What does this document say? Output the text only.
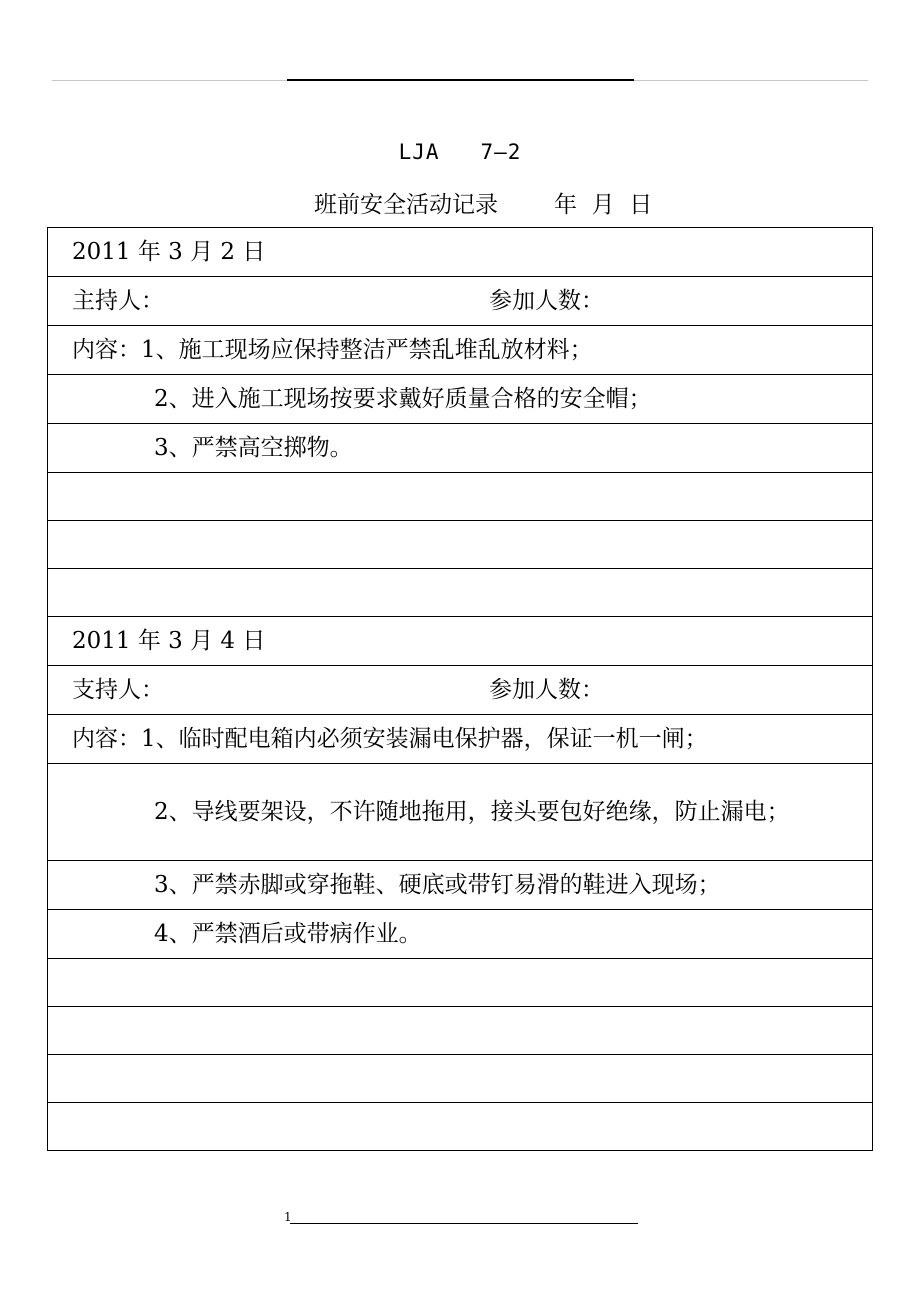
LJA   7—2
班前安全活动记录 年  月  日
2011 年 3 月 2 日

主持人：	参加人数：

内容：1、施工现场应保持整洁严禁乱堆乱放材料；
2、进入施工现场按要求戴好质量合格的安全帽；
3、严禁高空掷物。

2011 年 3 月 4 日

支持人：	参加人数：

内容：1、临时配电箱内必须安装漏电保护器，保证一机一闸；
2、导线要架设，不许随地拖用，接头要包好绝缘，防止漏电；
3、严禁赤脚或穿拖鞋、硬底或带钉易滑的鞋进入现场；
4、严禁酒后或带病作业。

1
